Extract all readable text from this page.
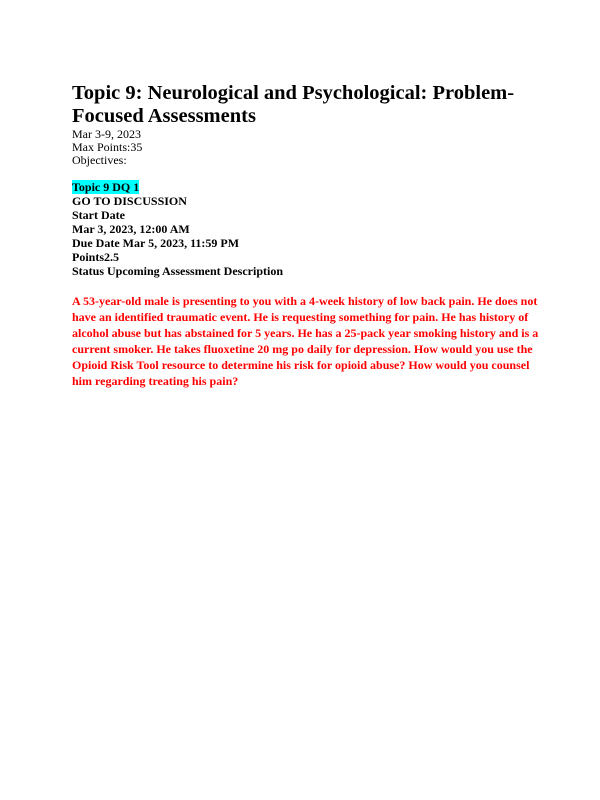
Topic 9: Neurological and Psychological: Problem-
Focused Assessments
Mar 3-9, 2023
Max Points:35
Objectives:
Topic 9 DQ 1
GO TO DISCUSSION
Start Date
Mar 3, 2023, 12:00 AM
Due Date Mar 5, 2023, 11:59 PM
Points2.5
Status Upcoming Assessment Description
A 53-year-old male is presenting to you with a 4-week history of low back pain. He does not
have an identified traumatic event. He is requesting something for pain. He has history of
alcohol abuse but has abstained for 5 years. He has a 25-pack year smoking history and is a
current smoker. He takes fluoxetine 20 mg po daily for depression. How would you use the
Opioid Risk Tool resource to determine his risk for opioid abuse? How would you counsel
him regarding treating his pain?
